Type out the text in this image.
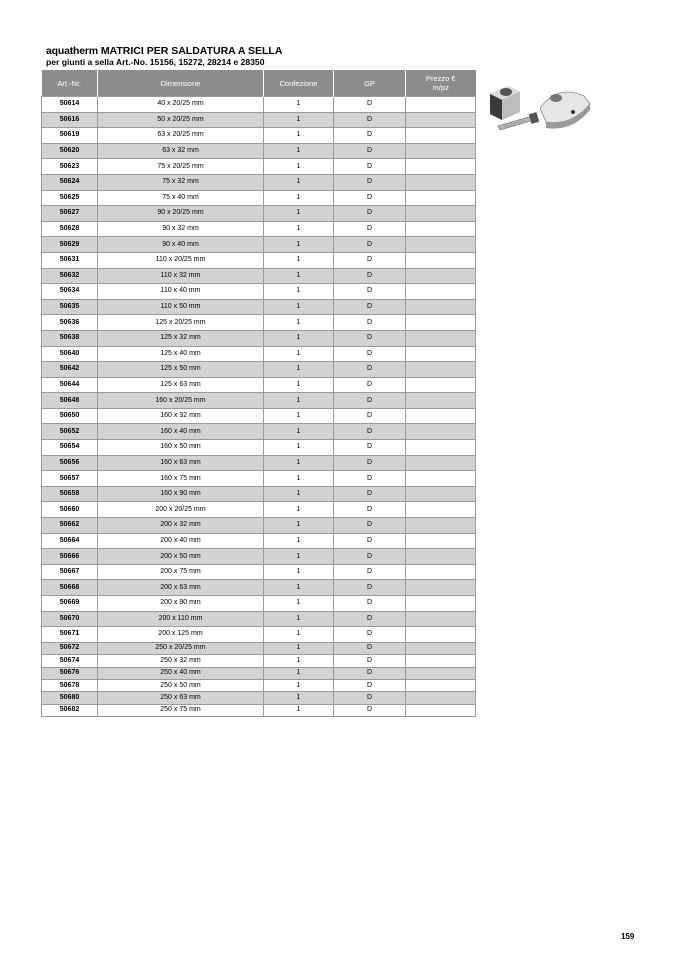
aquatherm MATRICI PER SALDATURA A SELLA
per giunti a sella Art.-No. 15156, 15272, 28214 e 28350
Art.-Nr.	Dimensione	Confezione	GP	Prezzo €
m/pz
50614	40 x 20/25 mm	1	D	
50616	50 x 20/25 mm	1	D	
50619	63 x 20/25 mm	1	D	
50620	63 x 32 mm	1	D	
50623	75 x 20/25 mm	1	D	
50624	75 x 32 mm	1	D	
50625	75 x 40 mm	1	D	
50627	90 x 20/25 mm	1	D	
50628	90 x 32 mm	1	D	
50629	90 x 40 mm	1	D	
50631	110 x 20/25 mm	1	D	
50632	110 x 32 mm	1	D	
50634	110 x 40 mm	1	D	
50635	110 x 50 mm	1	D	
50636	125 x 20/25 mm	1	D	
50638	125 x 32 mm	1	D	
50640	125 x 40 mm	1	D	
50642	125 x 50 mm	1	D	
50644	125 x 63 mm	1	D	
50648	160 x 20/25 mm	1	D	
50650	160 x 32 mm	1	D	
50652	160 x 40 mm	1	D	
50654	160 x 50 mm	1	D	
50656	160 x 63 mm	1	D	
50657	160 x 75 mm	1	D	
50658	160 x 90 mm	1	D	
50660	200 x 20/25 mm	1	D	
50662	200 x 32 mm	1	D	
50664	200 x 40 mm	1	D	
50666	200 x 50 mm	1	D	
50667	200 x 75 mm	1	D	
50668	200 x 63 mm	1	D	
50669	200 x 90 mm	1	D	
50670	200 x 110 mm	1	D	
50671	200 x 125 mm	1	D	
50672	250 x 20/25 mm	1	D	
50674	250 x 32 mm	1	D	
50676	250 x 40 mm	1	D	
50678	250 x 50 mm	1	D	
50680	250 x 63 mm	1	D	
50682	250 x 75 mm	1	D	
159
